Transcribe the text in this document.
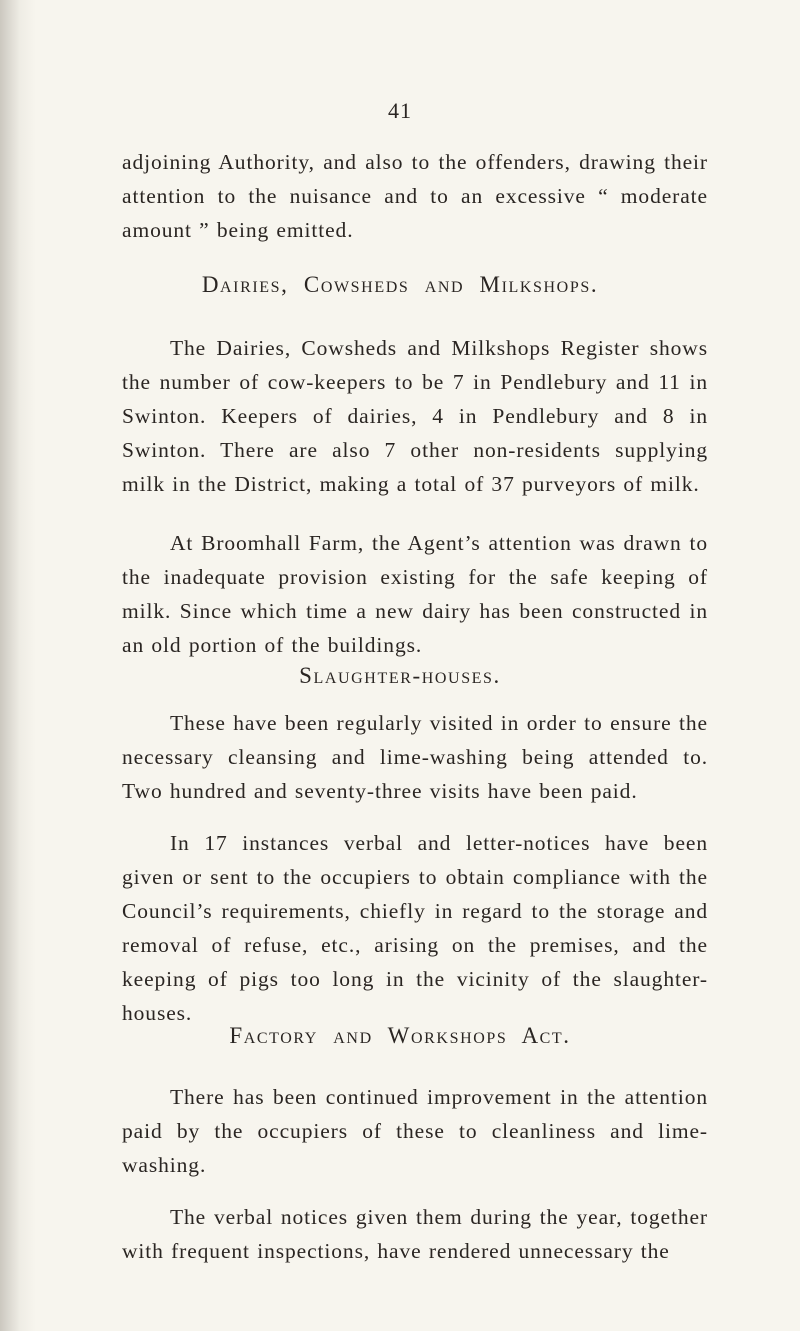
41

adjoining Authority, and also to the offenders, drawing their attention to the nuisance and to an excessive “ moderate amount ” being emitted.

Dairies, Cowsheds and Milkshops.

The Dairies, Cowsheds and Milkshops Register shows the number of cow-keepers to be 7 in Pendlebury and 11 in Swinton. Keepers of dairies, 4 in Pendlebury and 8 in Swinton. There are also 7 other non-residents supplying milk in the District, making a total of 37 purveyors of milk.

At Broomhall Farm, the Agent’s attention was drawn to the inadequate provision existing for the safe keeping of milk. Since which time a new dairy has been constructed in an old portion of the buildings.

Slaughter-houses.

These have been regularly visited in order to ensure the necessary cleansing and lime-washing being attended to. Two hundred and seventy-three visits have been paid.

In 17 instances verbal and letter-notices have been given or sent to the occupiers to obtain compliance with the Council’s requirements, chiefly in regard to the storage and removal of refuse, etc., arising on the premises, and the keeping of pigs too long in the vicinity of the slaughter-houses.

Factory and Workshops Act.

There has been continued improvement in the attention paid by the occupiers of these to cleanliness and lime-washing.

The verbal notices given them during the year, together with frequent inspections, have rendered unnecessary the
